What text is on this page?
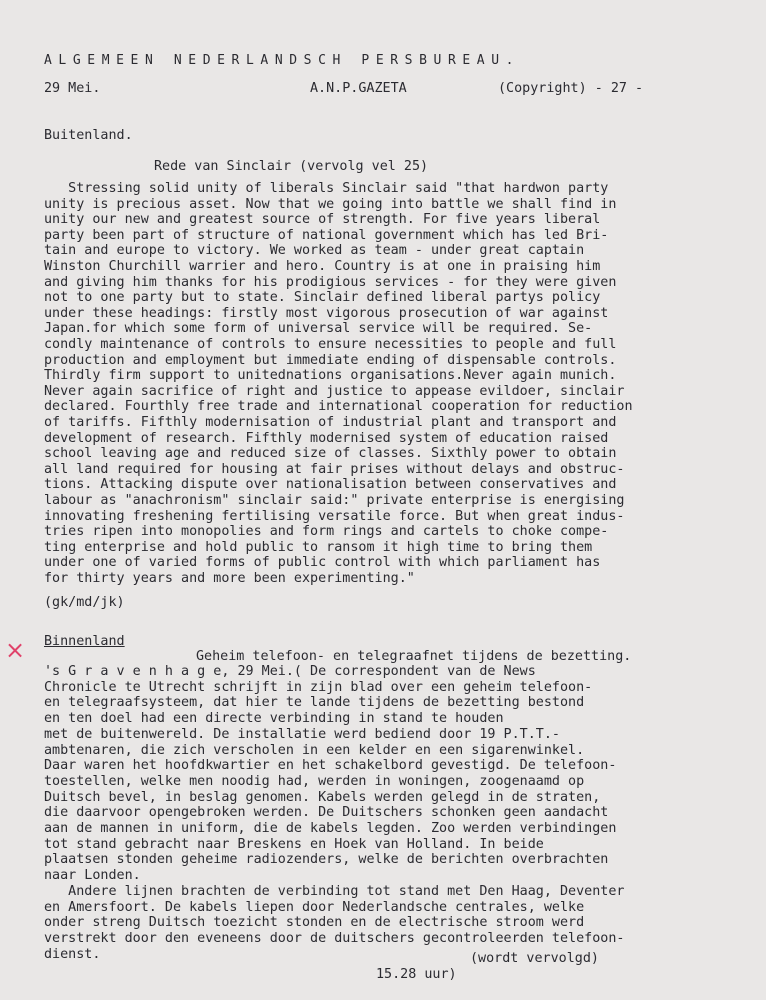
ALGEMEEN NEDERLANDSCH PERSBUREAU.
29 Mei.	A.N.P.GAZETA	(Copyright) - 27 -
Buitenland.
Rede van Sinclair (vervolg vel 25)
Stressing solid unity of liberals Sinclair said "that hardwon party
unity is precious asset. Now that we going into battle we shall find in
unity our new and greatest source of strength. For five years liberal
party been part of structure of national government which has led Bri-
tain and europe to victory. We worked as team - under great captain
Winston Churchill warrier and hero. Country is at one in praising him
and giving him thanks for his prodigious services - for they were given
not to one party but to state. Sinclair defined liberal partys policy
under these headings: firstly most vigorous prosecution of war against
Japan.for which some form of universal service will be required. Se-
condly maintenance of controls to ensure necessities to people and full
production and employment but immediate ending of dispensable controls.
Thirdly firm support to unitednations organisations.Never again munich.
Never again sacrifice of right and justice to appease evildoer, sinclair
declared. Fourthly free trade and international cooperation for reduction
of tariffs. Fifthly modernisation of industrial plant and transport and
development of research. Fifthly modernised system of education raised
school leaving age and reduced size of classes. Sixthly power to obtain
all land required for housing at fair prises without delays and obstruc-
tions. Attacking dispute over nationalisation between conservatives and
labour as "anachronism" sinclair said:" private enterprise is energising
innovating freshening fertilising versatile force. But when great indus-
tries ripen into monopolies and form rings and cartels to choke compe-
ting enterprise and hold public to ransom it high time to bring them
under one of varied forms of public control with which parliament has
for thirty years and more been experimenting."
(gk/md/jk)
× Binnenland
Geheim telefoon- en telegraafnet tijdens de bezetting.
's G r a v e n h a g e, 29 Mei.( De correspondent van de News
Chronicle te Utrecht schrijft in zijn blad over een geheim telefoon-
en telegraafsysteem, dat hier te lande tijdens de bezetting bestond
en ten doel had een directe verbinding in stand te houden
met de buitenwereld. De installatie werd bediend door 19 P.T.T.-
ambtenaren, die zich verscholen in een kelder en een sigarenwinkel.
Daar waren het hoofdkwartier en het schakelbord gevestigd. De telefoon-
toestellen, welke men noodig had, werden in woningen, zoogenaamd op
Duitsch bevel, in beslag genomen. Kabels werden gelegd in de straten,
die daarvoor opengebroken werden. De Duitschers schonken geen aandacht
aan de mannen in uniform, die de kabels legden. Zoo werden verbindingen
tot stand gebracht naar Breskens en Hoek van Holland. In beide
plaatsen stonden geheime radiozenders, welke de berichten overbrachten
naar Londen.
Andere lijnen brachten de verbinding tot stand met Den Haag, Deventer
en Amersfoort. De kabels liepen door Nederlandsche centrales, welke
onder streng Duitsch toezicht stonden en de electrische stroom werd
verstrekt door den eveneens door de duitschers gecontroleerden telefoon-
dienst.	(wordt vervolgd)
15.28 uur)
